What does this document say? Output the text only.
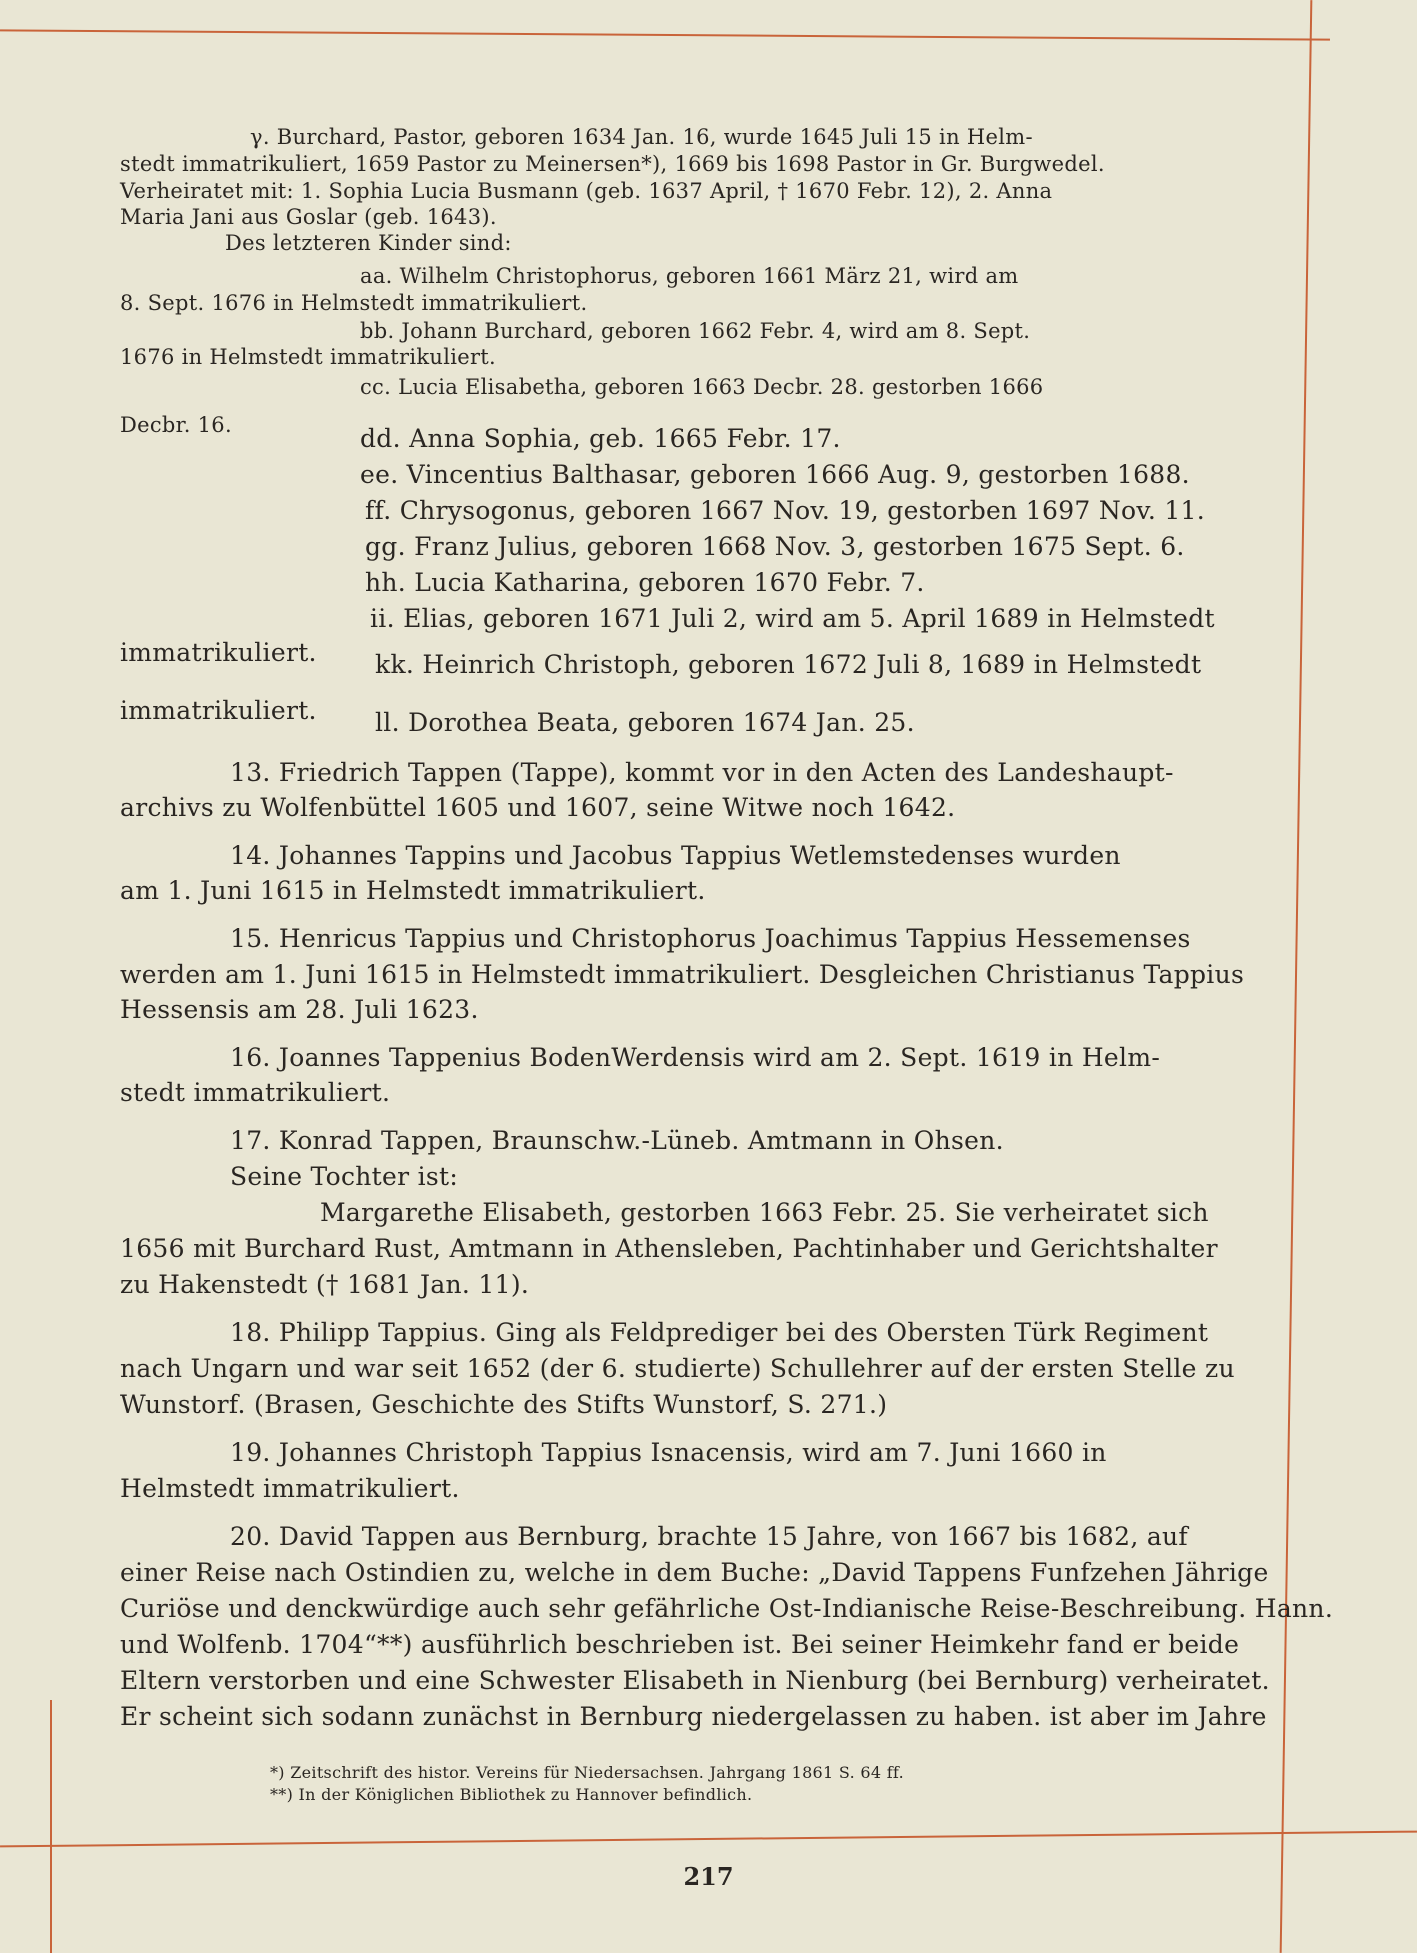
γ. Burchard, Pastor, geboren 1634 Jan. 16, wurde 1645 Juli 15 in Helm-
stedt immatrikuliert, 1659 Pastor zu Meinersen*), 1669 bis 1698 Pastor in Gr. Burgwedel.
Verheiratet mit: 1. Sophia Lucia Busmann (geb. 1637 April, † 1670 Febr. 12), 2. Anna
Maria Jani aus Goslar (geb. 1643).
Des letzteren Kinder sind:
aa. Wilhelm Christophorus, geboren 1661 März 21, wird am
8. Sept. 1676 in Helmstedt immatrikuliert.
bb. Johann Burchard, geboren 1662 Febr. 4, wird am 8. Sept.
1676 in Helmstedt immatrikuliert.
cc. Lucia Elisabetha, geboren 1663 Decbr. 28. gestorben 1666
Decbr. 16.	dd. Anna Sophia, geb. 1665 Febr. 17.
ee. Vincentius Balthasar, geboren 1666 Aug. 9, gestorben 1688.
ff. Chrysogonus, geboren 1667 Nov. 19, gestorben 1697 Nov. 11.
gg. Franz Julius, geboren 1668 Nov. 3, gestorben 1675 Sept. 6.
hh. Lucia Katharina, geboren 1670 Febr. 7.
ii. Elias, geboren 1671 Juli 2, wird am 5. April 1689 in Helmstedt
immatrikuliert. kk. Heinrich Christoph, geboren 1672 Juli 8, 1689 in Helmstedt
immatrikuliert. ll. Dorothea Beata, geboren 1674 Jan. 25.
13. Friedrich Tappen (Tappe), kommt vor in den Acten des Landeshaupt-
archivs zu Wolfenbüttel 1605 und 1607, seine Witwe noch 1642.
14. Johannes Tappins und Jacobus Tappius Wetlemstedenses wurden
am 1. Juni 1615 in Helmstedt immatrikuliert.
15. Henricus Tappius und Christophorus Joachimus Tappius Hessemenses
werden am 1. Juni 1615 in Helmstedt immatrikuliert. Desgleichen Christianus Tappius
Hessensis am 28. Juli 1623.
16. Joannes Tappenius BodenWerdensis wird am 2. Sept. 1619 in Helm-
stedt immatrikuliert.
17. Konrad Tappen, Braunschw.-Lüneb. Amtmann in Ohsen.
Seine Tochter ist:
Margarethe Elisabeth, gestorben 1663 Febr. 25. Sie verheiratet sich
1656 mit Burchard Rust, Amtmann in Athensleben, Pachtinhaber und Gerichtshalter
zu Hakenstedt († 1681 Jan. 11).
18. Philipp Tappius. Ging als Feldprediger bei des Obersten Türk Regiment
nach Ungarn und war seit 1652 (der 6. studierte) Schullehrer auf der ersten Stelle zu
Wunstorf. (Brasen, Geschichte des Stifts Wunstorf, S. 271.)
19. Johannes Christoph Tappius Isnacensis, wird am 7. Juni 1660 in
Helmstedt immatrikuliert.
20. David Tappen aus Bernburg, brachte 15 Jahre, von 1667 bis 1682, auf
einer Reise nach Ostindien zu, welche in dem Buche: „David Tappens Funfzehen Jährige
Curiöse und denckwürdige auch sehr gefährliche Ost-Indianische Reise-Beschreibung. Hann.
und Wolfenb. 1704“**) ausführlich beschrieben ist. Bei seiner Heimkehr fand er beide
Eltern verstorben und eine Schwester Elisabeth in Nienburg (bei Bernburg) verheiratet.
Er scheint sich sodann zunächst in Bernburg niedergelassen zu haben. ist aber im Jahre
*) Zeitschrift des histor. Vereins für Niedersachsen. Jahrgang 1861 S. 64 ff.
**) In der Königlichen Bibliothek zu Hannover befindlich.
217
